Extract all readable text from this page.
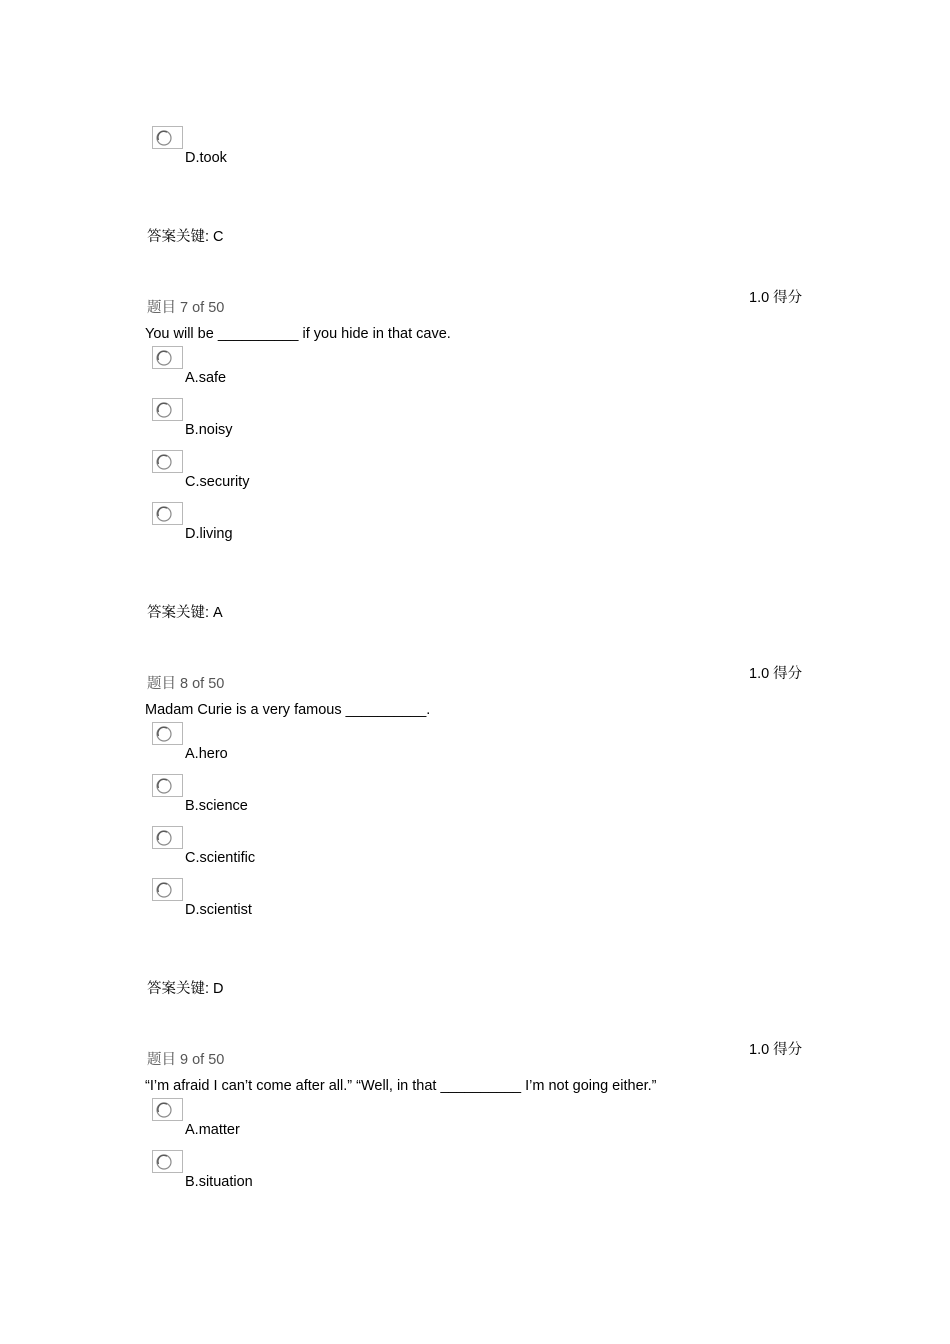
D.took
答案关键: C
题目 7 of 50
1.0 得分
You will be __________ if you hide in that cave.
A.safe
B.noisy
C.security
D.living
答案关键: A
题目 8 of 50
1.0 得分
Madam Curie is a very famous __________.
A.hero
B.science
C.scientific
D.scientist
答案关键: D
题目 9 of 50
1.0 得分
“I’m afraid I can’t come after all.” “Well, in that __________ I’m not going either.”
A.matter
B.situation
